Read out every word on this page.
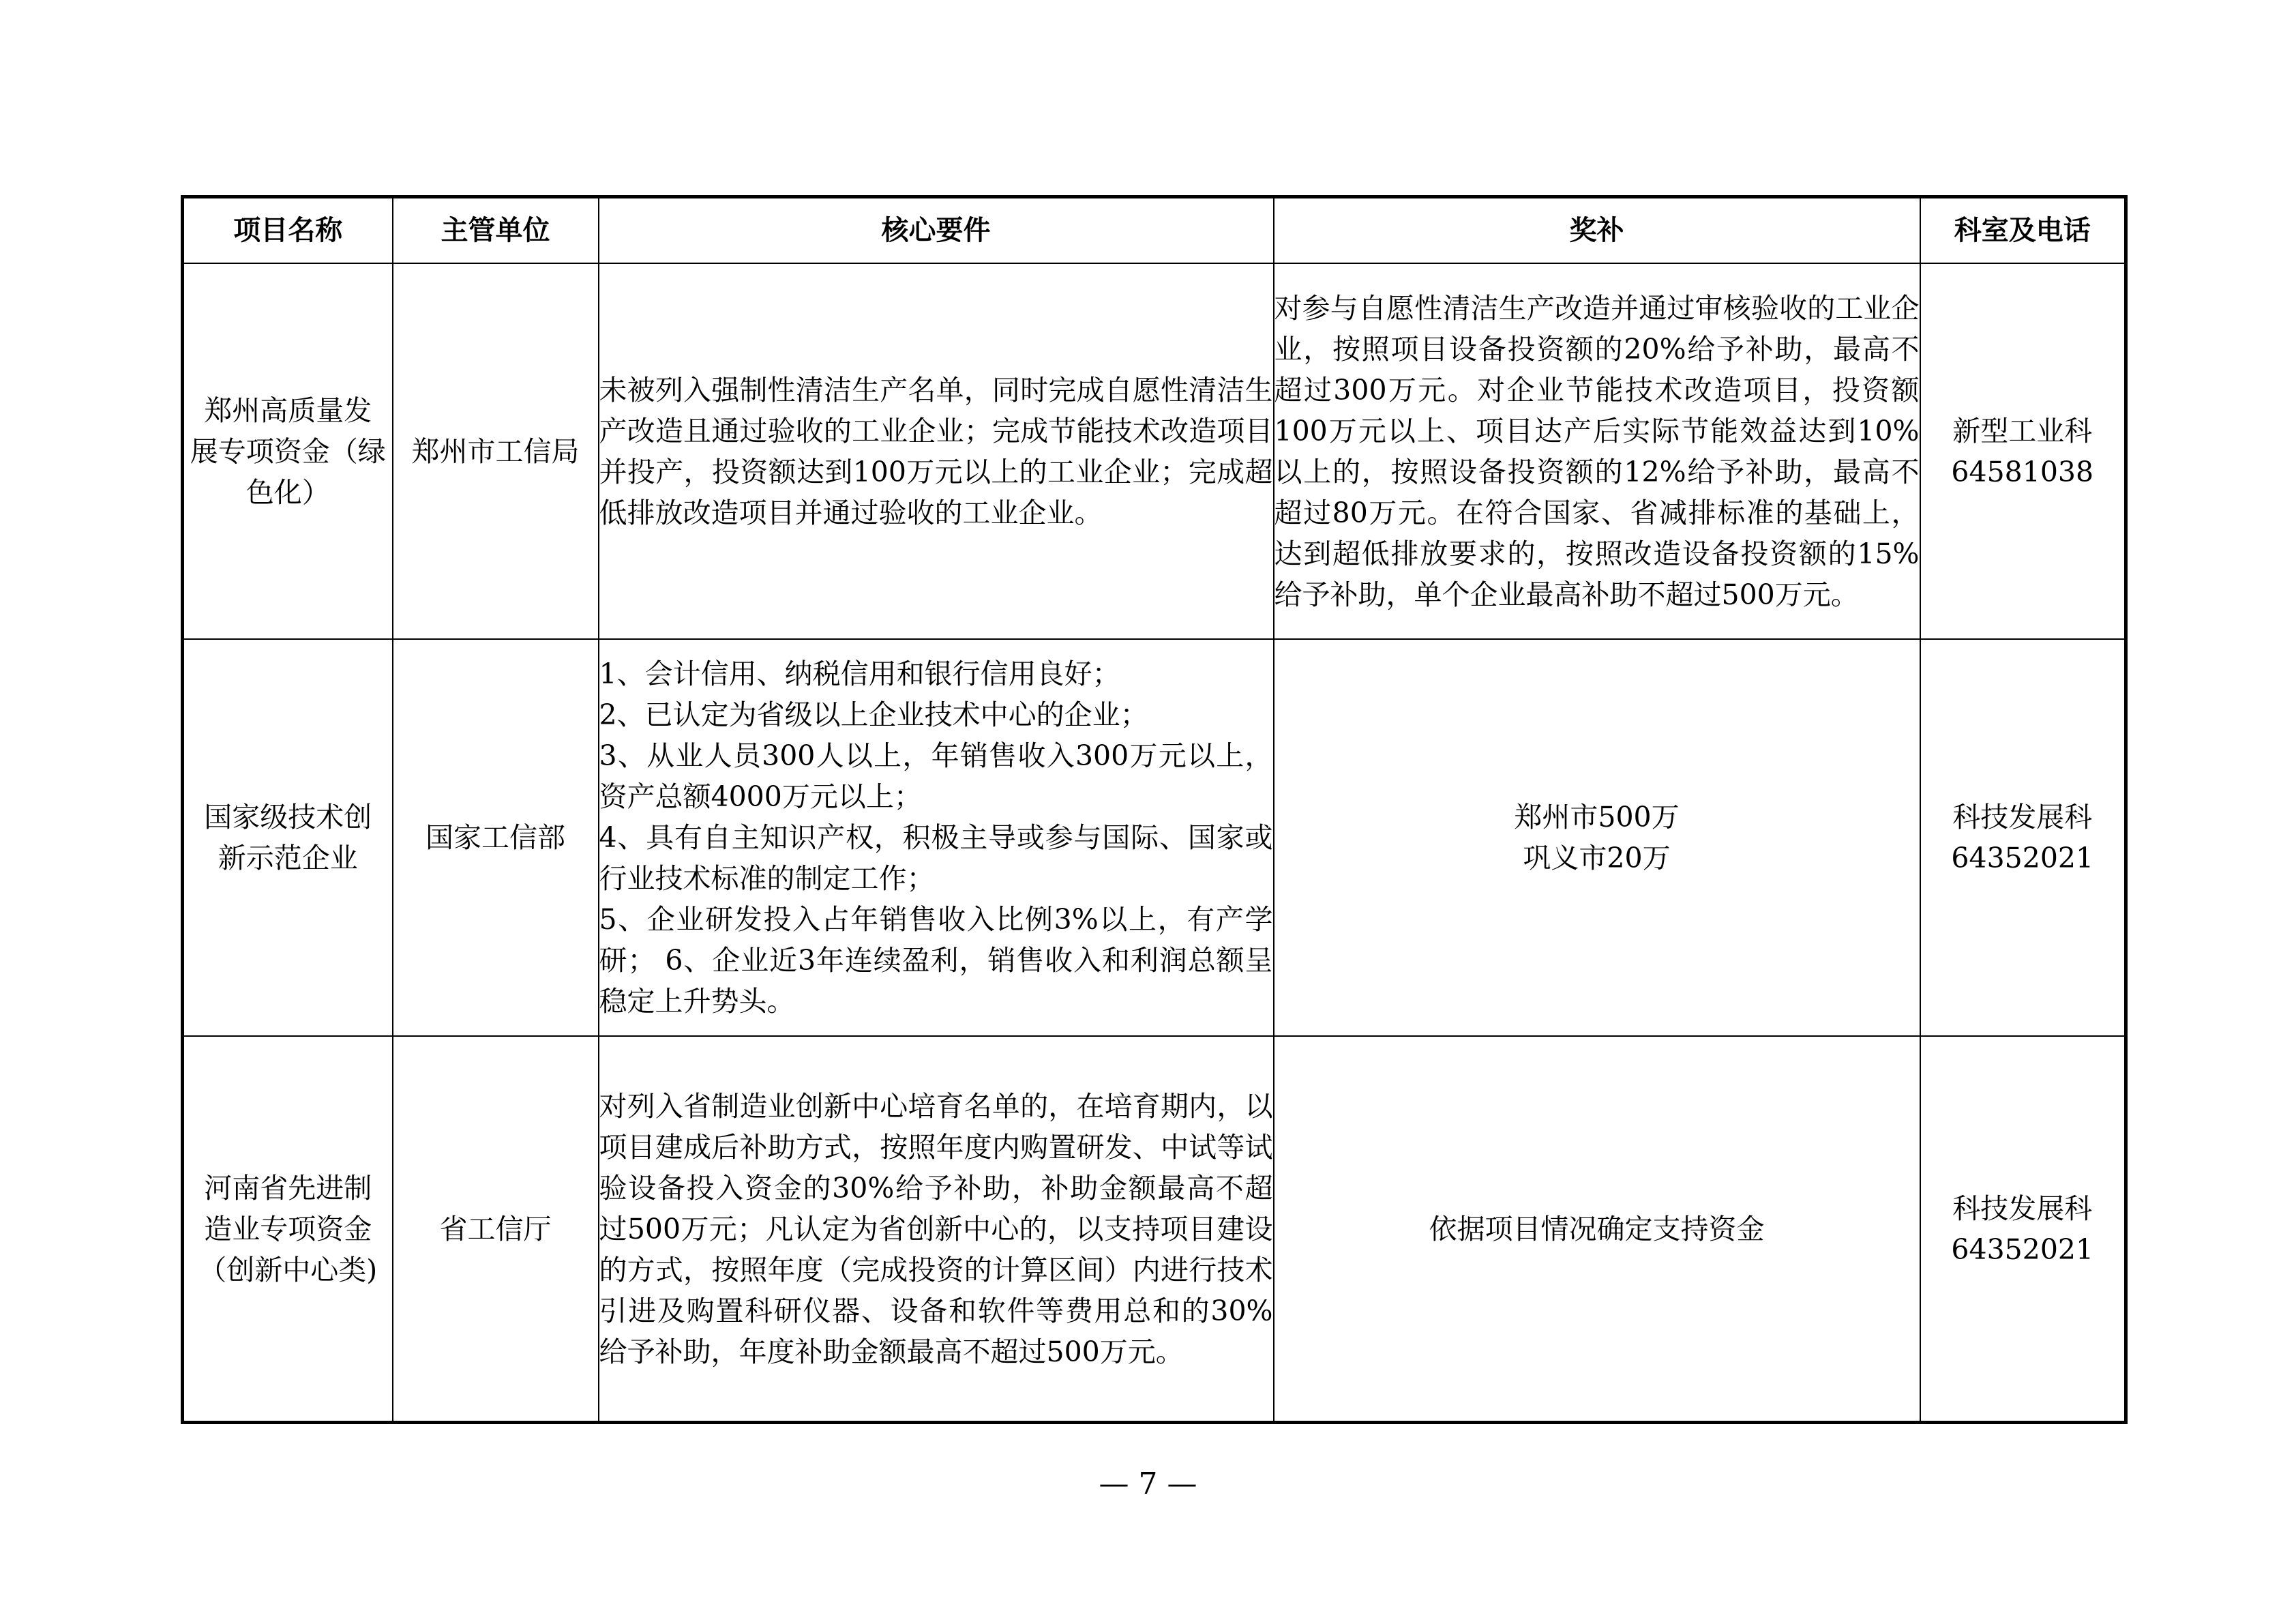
项目名称	主管单位	核心要件	奖补	科室及电话

郑州高质量发
展专项资金（绿
色化）	郑州市工信局	未被列入强制性清洁生产名单，同时完成自愿性清洁生产改造且通过验收的工业企业；完成节能技术改造项目并投产，投资额达到100万元以上的工业企业；完成超低排放改造项目并通过验收的工业企业。	对参与自愿性清洁生产改造并通过审核验收的工业企业，按照项目设备投资额的20%给予补助，最高不超过300万元。对企业节能技术改造项目，投资额100万元以上、项目达产后实际节能效益达到10%以上的，按照设备投资额的12%给予补助，最高不超过80万元。在符合国家、省减排标准的基础上，达到超低排放要求的，按照改造设备投资额的15%给予补助，单个企业最高补助不超过500万元。	新型工业科
64581038

国家级技术创
新示范企业	国家工信部	1、会计信用、纳税信用和银行信用良好；
2、已认定为省级以上企业技术中心的企业；
3、从业人员300人以上，年销售收入300万元以上，资产总额4000万元以上；
4、具有自主知识产权，积极主导或参与国际、国家或行业技术标准的制定工作；
5、企业研发投入占年销售收入比例3%以上，有产学研； 6、企业近3年连续盈利，销售收入和利润总额呈稳定上升势头。	郑州市500万
巩义市20万	科技发展科
64352021

河南省先进制
造业专项资金
（创新中心类)	省工信厅	对列入省制造业创新中心培育名单的，在培育期内，以项目建成后补助方式，按照年度内购置研发、中试等试验设备投入资金的30%给予补助，补助金额最高不超过500万元；凡认定为省创新中心的，以支持项目建设的方式，按照年度（完成投资的计算区间）内进行技术引进及购置科研仪器、设备和软件等费用总和的30%给予补助，年度补助金额最高不超过500万元。	依据项目情况确定支持资金	科技发展科
64352021
— 7 —
